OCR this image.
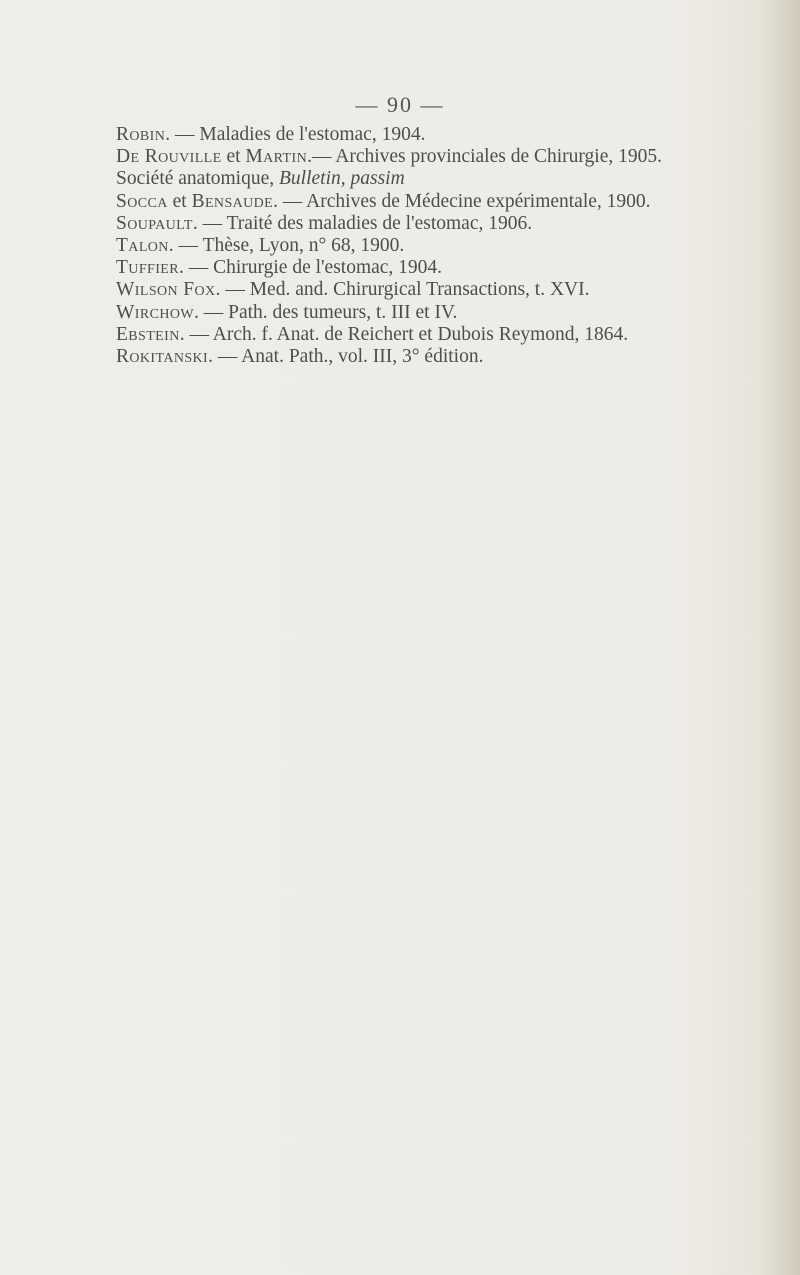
— 90 —
Robin. — Maladies de l'estomac, 1904.
De Rouville et Martin.— Archives provinciales de Chirurgie, 1905.
Société anatomique, Bulletin, passim
Socca et Bensaude. — Archives de Médecine expérimentale, 1900.
Soupault. — Traité des maladies de l'estomac, 1906.
Talon. — Thèse, Lyon, n° 68, 1900.
Tuffier. — Chirurgie de l'estomac, 1904.
Wilson Fox. — Med. and. Chirurgical Transactions, t. XVI.
Wirchow. — Path. des tumeurs, t. III et IV.
Ebstein. — Arch. f. Anat. de Reichert et Dubois Reymond, 1864.
Rokitanski. — Anat. Path., vol. III, 3° édition.
